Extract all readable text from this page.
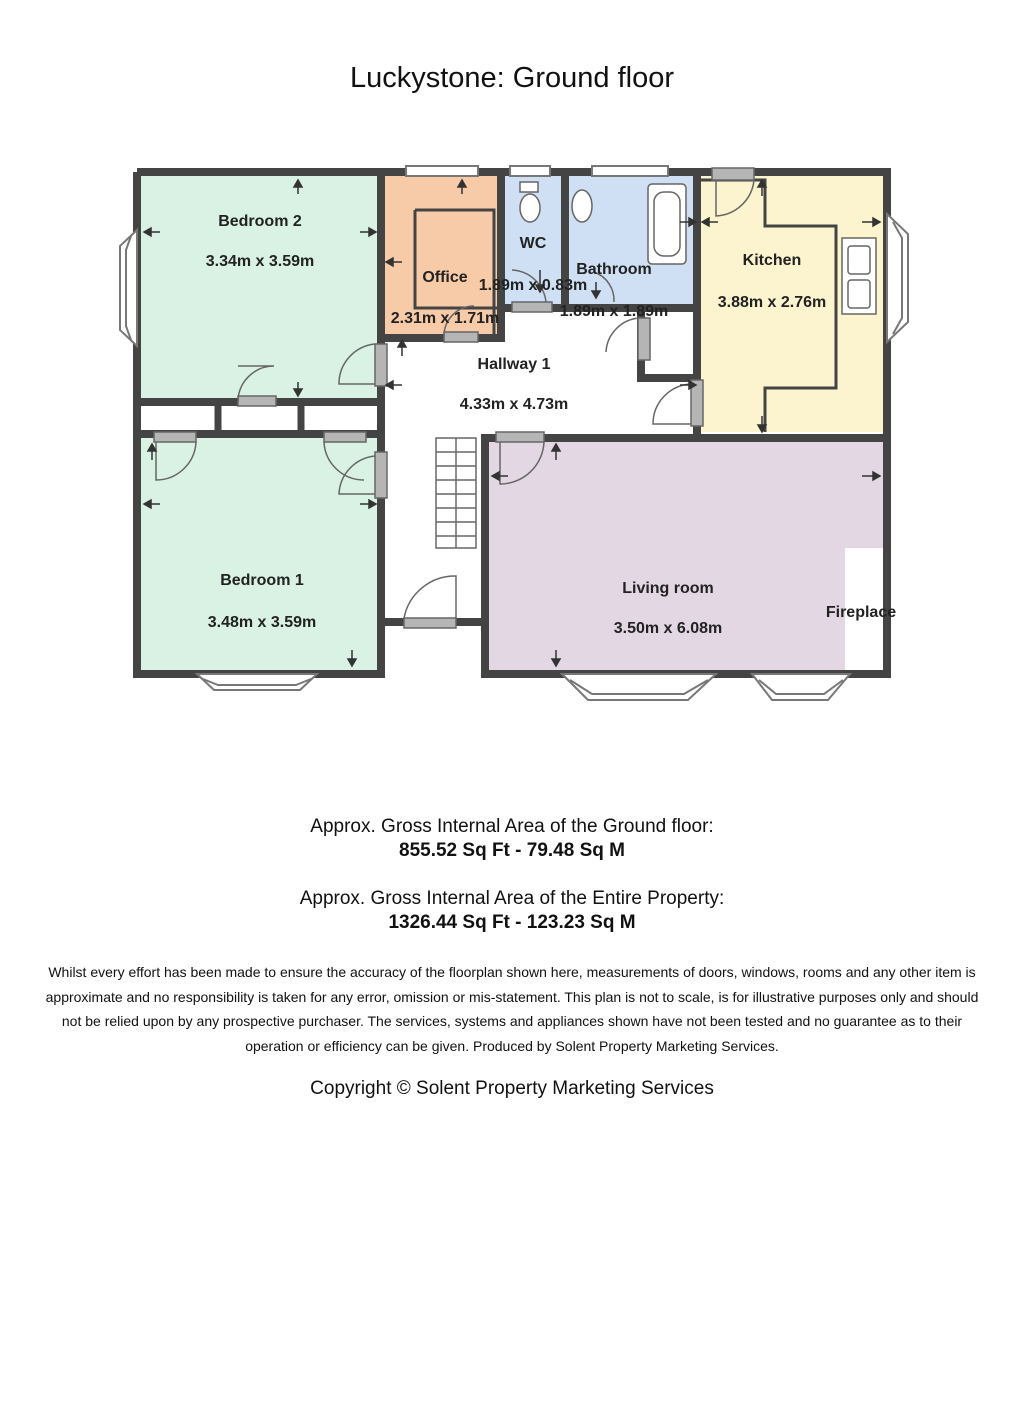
Luckystone: Ground floor
Bedroom 2
3.34m x 3.59m
Office
2.31m x 1.71m
WC
1.89m x 0.83m
Bathroom
1.89m x 1.89m
Kitchen
3.88m x 2.76m
Hallway 1
4.33m x 4.73m
Bedroom 1
3.48m x 3.59m
Living room
3.50m x 6.08m
Fireplace
Approx. Gross Internal Area of the Ground floor:
855.52 Sq Ft - 79.48 Sq M
Approx. Gross Internal Area of the Entire Property:
1326.44 Sq Ft - 123.23 Sq M
Whilst every effort has been made to ensure the accuracy of the floorplan shown here, measurements of doors, windows, rooms and any other item is approximate and no responsibility is taken for any error, omission or mis-statement. This plan is not to scale, is for illustrative purposes only and should not be relied upon by any prospective purchaser. The services, systems and appliances shown have not been tested and no guarantee as to their operation or efficiency can be given. Produced by Solent Property Marketing Services.
Copyright © Solent Property Marketing Services
